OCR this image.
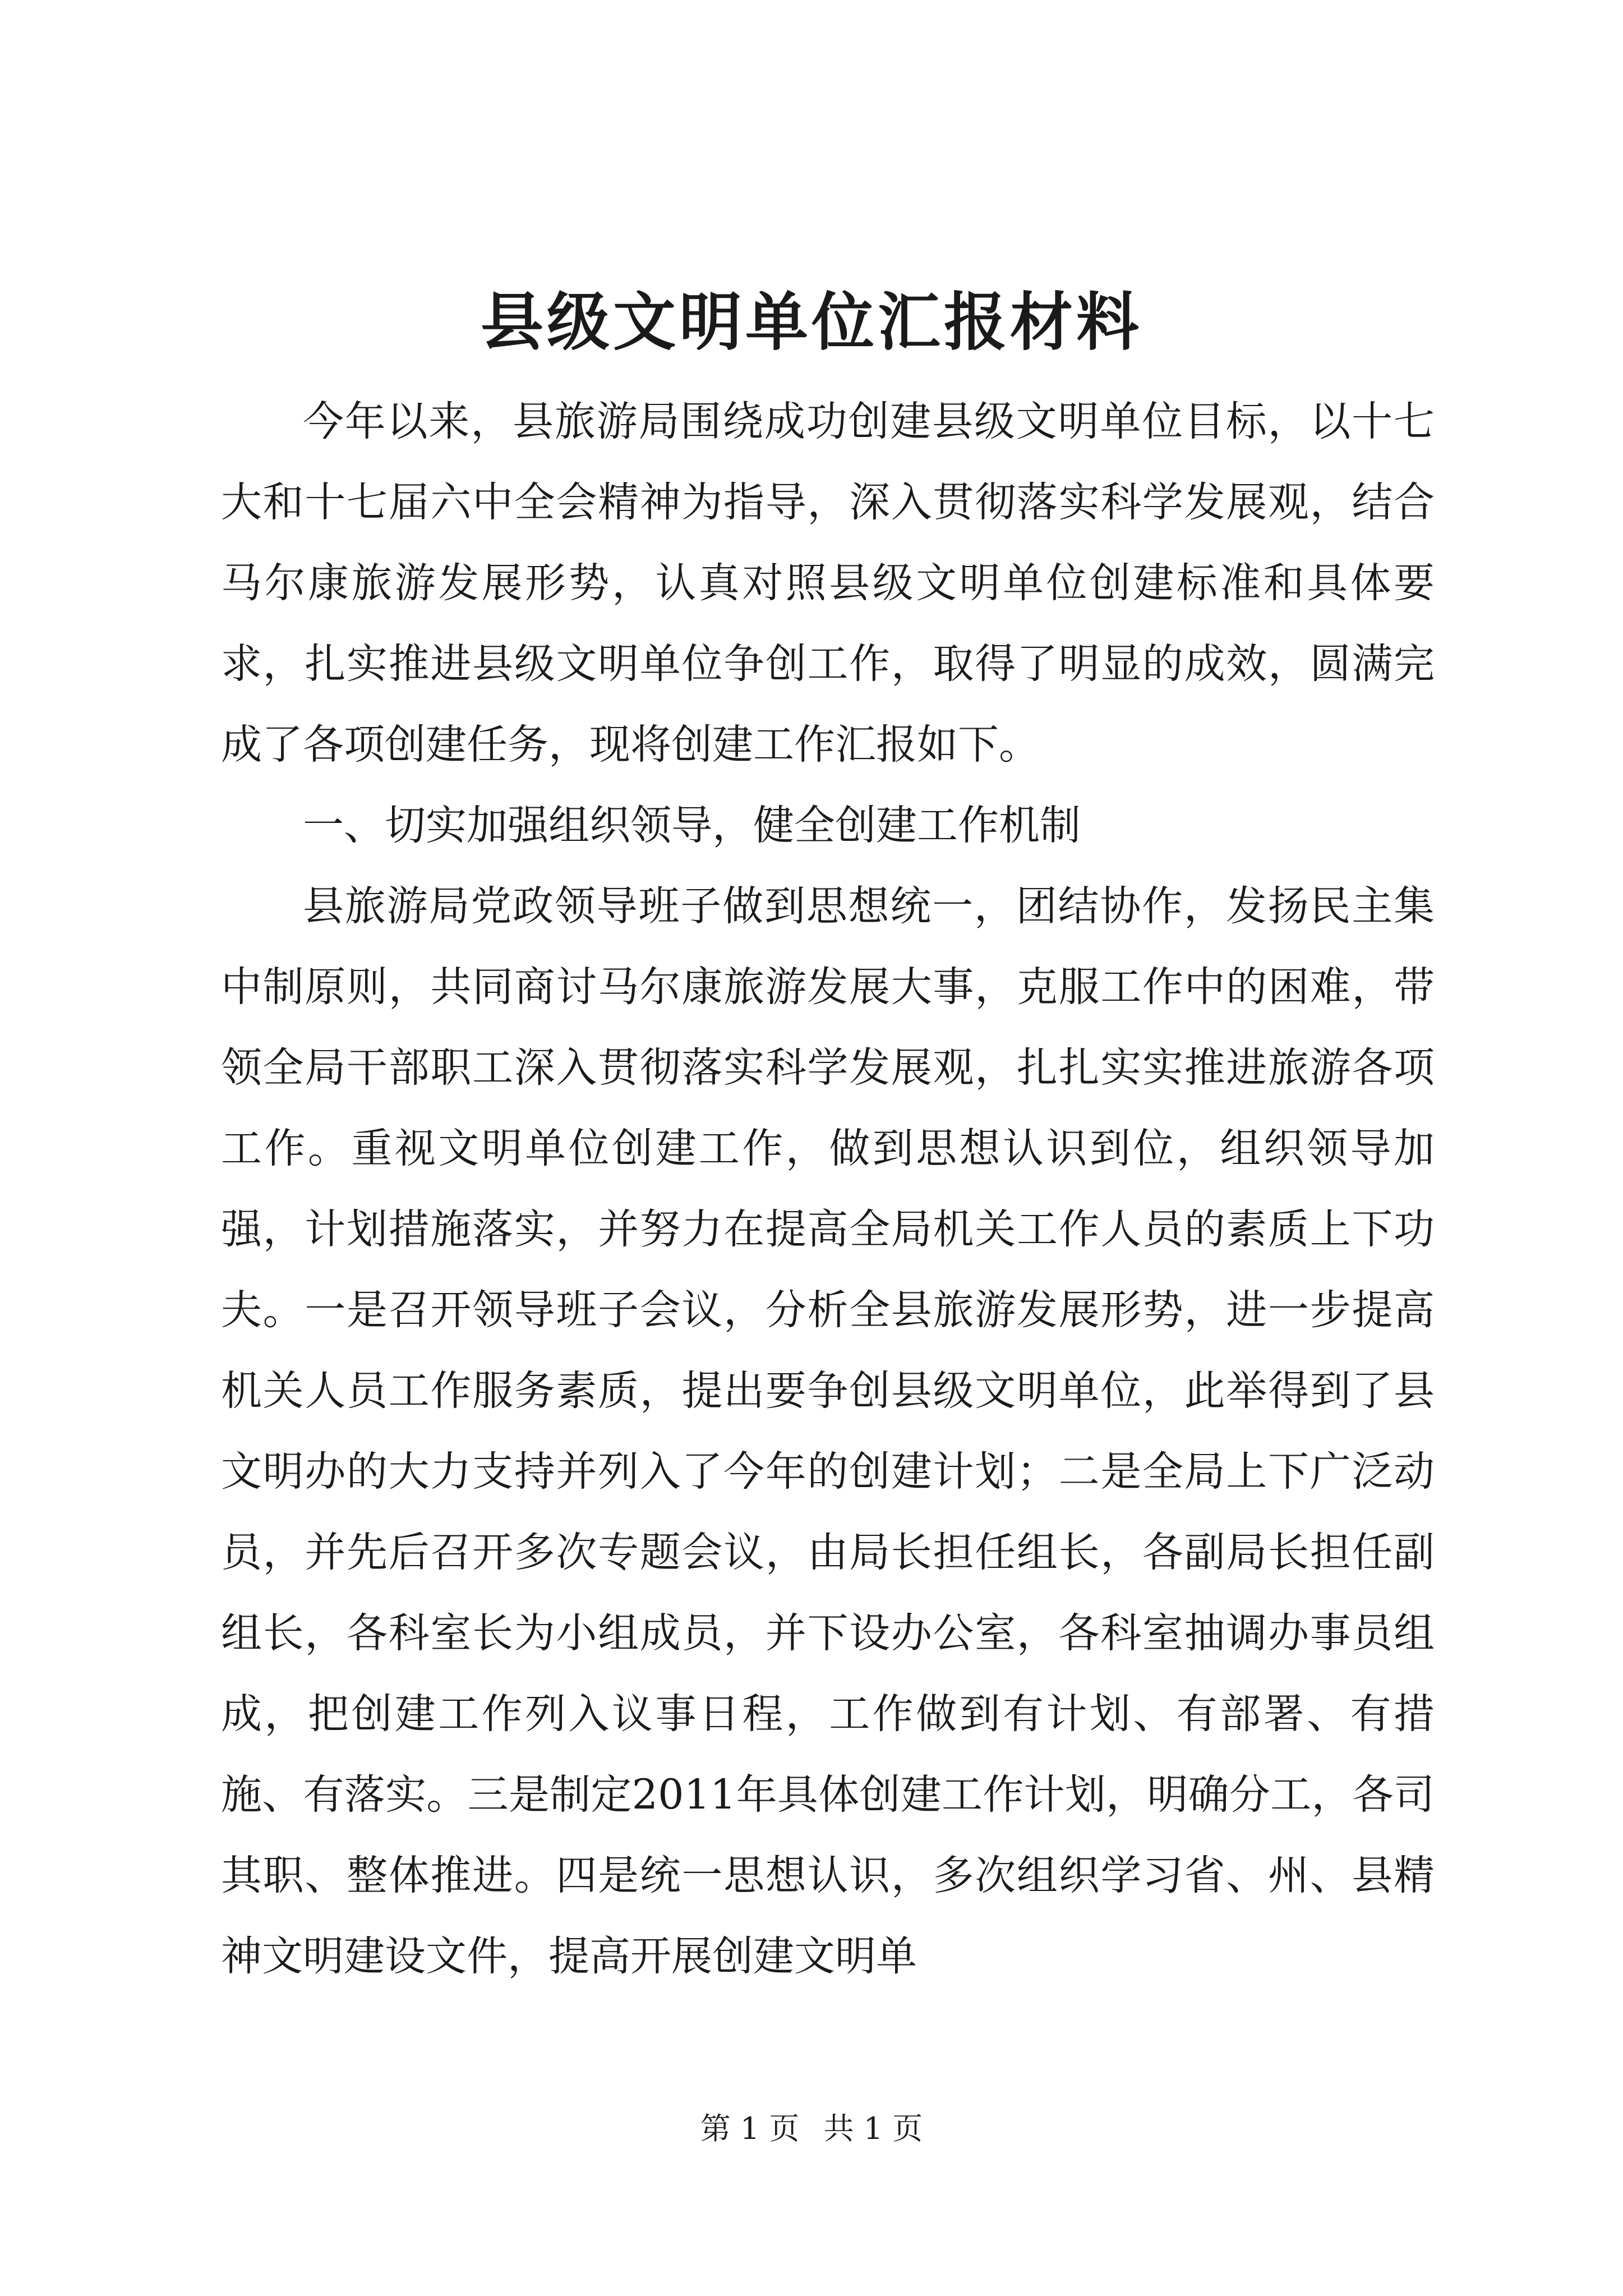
县级文明单位汇报材料

今年以来，县旅游局围绕成功创建县级文明单位目标，以十七大和十七届六中全会精神为指导，深入贯彻落实科学发展观，结合马尔康旅游发展形势，认真对照县级文明单位创建标准和具体要求，扎实推进县级文明单位争创工作，取得了明显的成效，圆满完成了各项创建任务，现将创建工作汇报如下。

一、切实加强组织领导，健全创建工作机制

县旅游局党政领导班子做到思想统一，团结协作，发扬民主集中制原则，共同商讨马尔康旅游发展大事，克服工作中的困难，带领全局干部职工深入贯彻落实科学发展观，扎扎实实推进旅游各项工作。重视文明单位创建工作，做到思想认识到位，组织领导加强，计划措施落实，并努力在提高全局机关工作人员的素质上下功夫。一是召开领导班子会议，分析全县旅游发展形势，进一步提高机关人员工作服务素质，提出要争创县级文明单位，此举得到了县文明办的大力支持并列入了今年的创建计划；二是全局上下广泛动员，并先后召开多次专题会议，由局长担任组长，各副局长担任副组长，各科室长为小组成员，并下设办公室，各科室抽调办事员组成，把创建工作列入议事日程，工作做到有计划、有部署、有措施、有落实。三是制定2011年具体创建工作计划，明确分工，各司其职、整体推进。四是统一思想认识，多次组织学习省、州、县精神文明建设文件，提高开展创建文明单

第 1 页 共 1 页
